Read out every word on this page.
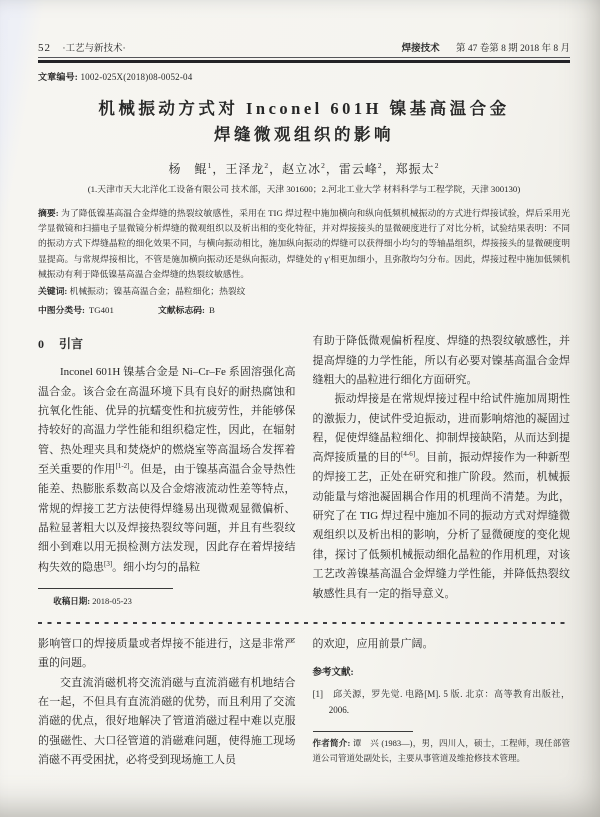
52 ·工艺与新技术·	焊接技术 第 47 卷第 8 期 2018 年 8 月
文章编号: 1002-025X(2018)08-0052-04
机械振动方式对 Inconel 601H 镍基高温合金
焊缝微观组织的影响
杨　鲲$^1$，王泽龙$^2$，赵立冰$^2$，雷云峰$^2$，郑振太$^2$
(1.天津市天大北洋化工设备有限公司 技术部，天津 301600；2.河北工业大学 材料科学与工程学院，天津 300130)
摘要: 为了降低镍基高温合金焊缝的热裂纹敏感性，采用在 TIG 焊过程中施加横向和纵向低频机械振动的方式进行焊接试验，焊后采用光学显微镜和扫描电子显微镜分析焊缝的微观组织以及析出相的变化特征，并对焊接接头的显微硬度进行了对比分析，试验结果表明：不同的振动方式下焊缝晶粒的细化效果不同，与横向振动相比，施加纵向振动的焊缝可以获得细小均匀的等轴晶组织，焊接接头的显微硬度明显提高。与常规焊接相比，不管是施加横向振动还是纵向振动，焊缝处的 γ′相更加细小，且弥散均匀分布。因此，焊接过程中施加低频机械振动有利于降低镍基高温合金焊缝的热裂纹敏感性。
关键词: 机械振动；镍基高温合金；晶粒细化；热裂纹
中图分类号: TG401	文献标志码: B
0 引言

Inconel 601H 镍基合金是 Ni–Cr–Fe 系固溶强化高温合金。该合金在高温环境下具有良好的耐热腐蚀和抗氧化性能、优异的抗蠕变性和抗疲劳性，并能够保持较好的高温力学性能和组织稳定性，因此，在辐射管、热处理夹具和焚烧炉的燃烧室等高温场合发挥着至关重要的作用[1-2]。但是，由于镍基高温合金导热性能差、热膨胀系数高以及合金熔液流动性差等特点，常规的焊接工艺方法使得焊缝易出现微观显微偏析、晶粒显著粗大以及焊接热裂纹等问题，并且有些裂纹细小到难以用无损检测方法发现，因此存在着焊接结构失效的隐患[3]。细小均匀的晶粒

收稿日期: 2018-05-23

有助于降低微观偏析程度、焊缝的热裂纹敏感性，并提高焊缝的力学性能，所以有必要对镍基高温合金焊缝粗大的晶粒进行细化方面研究。

振动焊接是在常规焊接过程中给试件施加周期性的激振力，使试件受迫振动，进而影响熔池的凝固过程，促使焊缝晶粒细化、抑制焊接缺陷，从而达到提高焊接质量的目的[4-6]。目前，振动焊接作为一种新型的焊接工艺，正处在研究和推广阶段。然而，机械振动能量与熔池凝固耦合作用的机理尚不清楚。为此，研究了在 TIG 焊过程中施加不同的振动方式对焊缝微观组织以及析出相的影响，分析了显微硬度的变化规律，探讨了低频机械振动细化晶粒的作用机理，对该工艺改善镍基高温合金焊缝力学性能，并降低热裂纹敏感性具有一定的指导意义。

影响管口的焊接质量或者焊接不能进行，这是非常严重的问题。

交直流消磁机将交流消磁与直流消磁有机地结合在一起，不但具有直流消磁的优势，而且利用了交流消磁的优点，很好地解决了管道消磁过程中难以克服的强磁性、大口径管道的消磁难问题，使得施工现场消磁不再受困扰，必将受到现场施工人员

的欢迎，应用前景广阔。

参考文献:

[1]　邱关源，罗先觉. 电路[M]. 5 版. 北京：高等教育出版社，2006.

作者简介: 谭　兴 (1983—)，男，四川人，硕士，工程师，现任部管道公司管道处副处长，主要从事管道及维抢修技术管理。
